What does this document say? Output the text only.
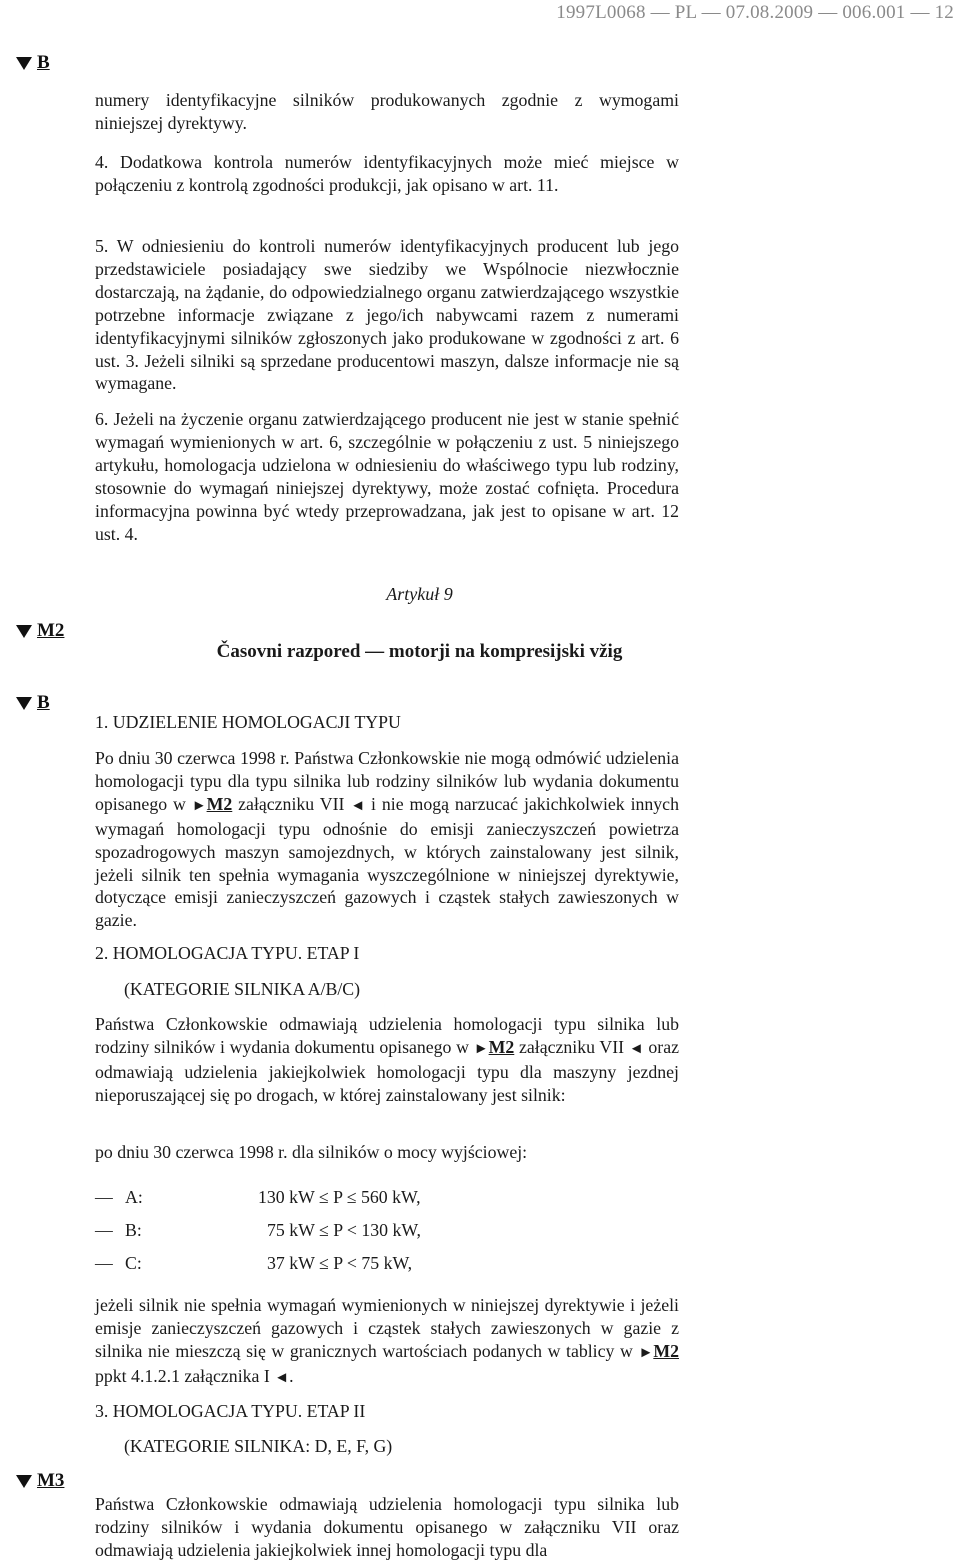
1997L0068 — PL — 07.08.2009 — 006.001 — 12
B
numery identyfikacyjne silników produkowanych zgodnie z wymogami niniejszej dyrektywy.
4. Dodatkowa kontrola numerów identyfikacyjnych może mieć miejsce w połączeniu z kontrolą zgodności produkcji, jak opisano w art. 11.
5. W odniesieniu do kontroli numerów identyfikacyjnych producent lub jego przedstawiciele posiadający swe siedziby we Wspólnocie niezwłocznie dostarczają, na żądanie, do odpowiedzialnego organu zatwierdzającego wszystkie potrzebne informacje związane z jego/ich nabywcami razem z numerami identyfikacyjnymi silników zgłoszonych jako produkowane w zgodności z art. 6 ust. 3. Jeżeli silniki są sprzedane producentowi maszyn, dalsze informacje nie są wymagane.
6. Jeżeli na życzenie organu zatwierdzającego producent nie jest w stanie spełnić wymagań wymienionych w art. 6, szczególnie w połączeniu z ust. 5 niniejszego artykułu, homologacja udzielona w odniesieniu do właściwego typu lub rodziny, stosownie do wymagań niniejszej dyrektywy, może zostać cofnięta. Procedura informacyjna powinna być wtedy przeprowadzana, jak jest to opisane w art. 12 ust. 4.
Artykuł 9
M2
Časovni razpored — motorji na kompresijski vžig
B
1. UDZIELENIE HOMOLOGACJI TYPU
Po dniu 30 czerwca 1998 r. Państwa Członkowskie nie mogą odmówić udzielenia homologacji typu dla typu silnika lub rodziny silników lub wydania dokumentu opisanego w ►M2 załączniku VII ◄ i nie mogą narzucać jakichkolwiek innych wymagań homologacji typu odnośnie do emisji zanieczyszczeń powietrza spozadrogowych maszyn samojezdnych, w których zainstalowany jest silnik, jeżeli silnik ten spełnia wymagania wyszczególnione w niniejszej dyrektywie, dotyczące emisji zanieczyszczeń gazowych i cząstek stałych zawieszonych w gazie.
2. HOMOLOGACJA TYPU. ETAP I
(KATEGORIE SILNIKA A/B/C)
Państwa Członkowskie odmawiają udzielenia homologacji typu silnika lub rodziny silników i wydania dokumentu opisanego w ►M2 załączniku VII ◄ oraz odmawiają udzielenia jakiejkolwiek homologacji typu dla maszyny jezdnej nieporuszającej się po drogach, w której zainstalowany jest silnik:
po dniu 30 czerwca 1998 r. dla silników o mocy wyjściowej:
— A:	130 kW ≤ P ≤ 560 kW,
— B:	75 kW ≤ P < 130 kW,
— C:	37 kW ≤ P < 75 kW,
jeżeli silnik nie spełnia wymagań wymienionych w niniejszej dyrektywie i jeżeli emisje zanieczyszczeń gazowych i cząstek stałych zawieszonych w gazie z silnika nie mieszczą się w granicznych wartościach podanych w tablicy w ►M2 ppkt 4.1.2.1 załącznika I ◄.
3. HOMOLOGACJA TYPU. ETAP II
(KATEGORIE SILNIKA: D, E, F, G)
M3
Państwa Członkowskie odmawiają udzielenia homologacji typu silnika lub rodziny silników i wydania dokumentu opisanego w załączniku VII oraz odmawiają udzielenia jakiejkolwiek innej homologacji typu dla
